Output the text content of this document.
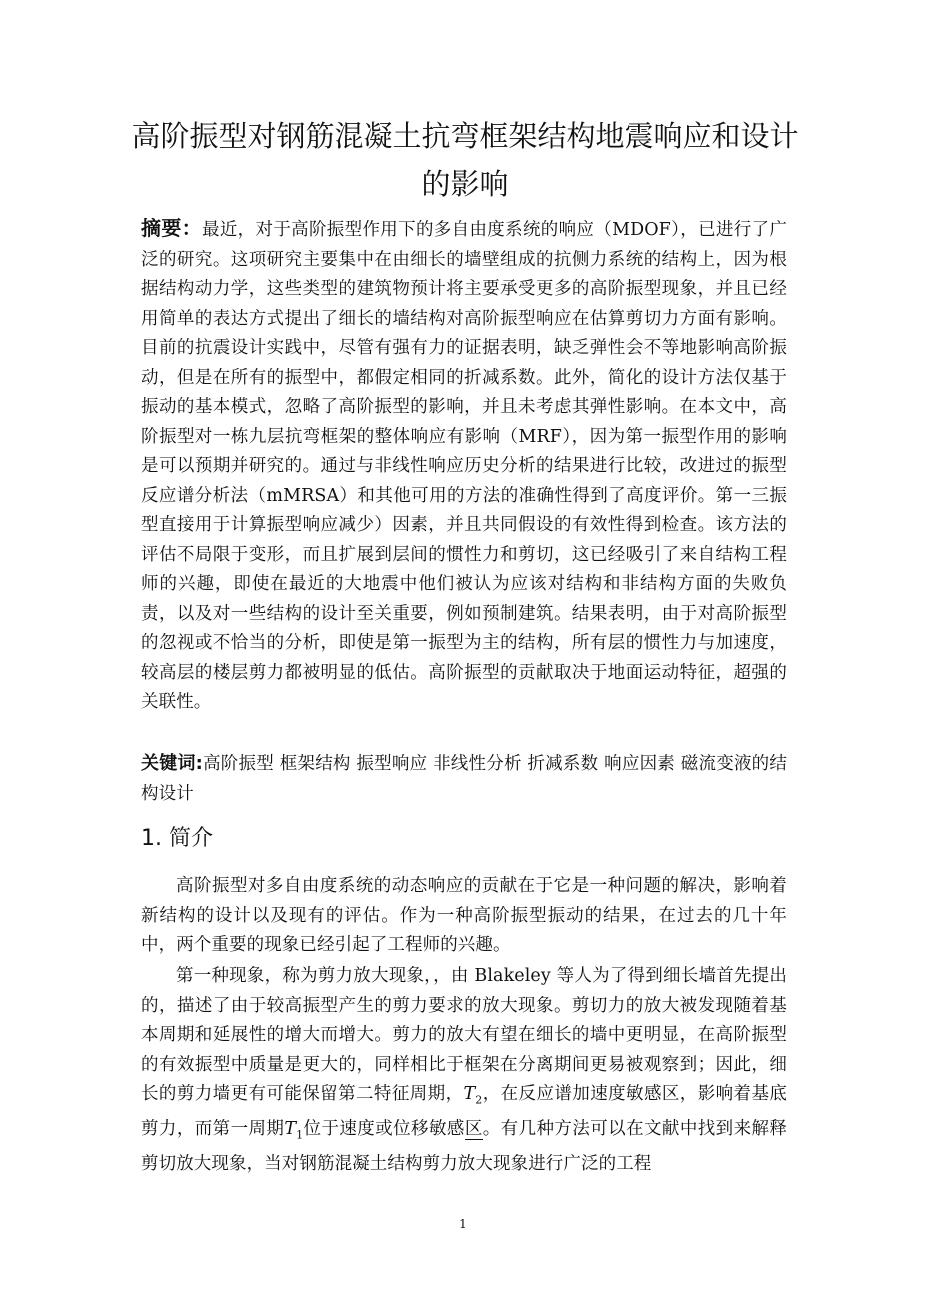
高阶振型对钢筋混凝土抗弯框架结构地震响应和设计的影响
摘要：最近，对于高阶振型作用下的多自由度系统的响应（MDOF），已进行了广泛的研究。这项研究主要集中在由细长的墙壁组成的抗侧力系统的结构上，因为根据结构动力学，这些类型的建筑物预计将主要承受更多的高阶振型现象，并且已经用简单的表达方式提出了细长的墙结构对高阶振型响应在估算剪切力方面有影响。目前的抗震设计实践中，尽管有强有力的证据表明，缺乏弹性会不等地影响高阶振动，但是在所有的振型中，都假定相同的折减系数。此外，简化的设计方法仅基于振动的基本模式，忽略了高阶振型的影响，并且未考虑其弹性影响。在本文中，高阶振型对一栋九层抗弯框架的整体响应有影响（MRF），因为第一振型作用的影响是可以预期并研究的。通过与非线性响应历史分析的结果进行比较，改进过的振型反应谱分析法（mMRSA）和其他可用的方法的准确性得到了高度评价。第一三振型直接用于计算振型响应减少）因素，并且共同假设的有效性得到检查。该方法的评估不局限于变形，而且扩展到层间的惯性力和剪切，这已经吸引了来自结构工程师的兴趣，即使在最近的大地震中他们被认为应该对结构和非结构方面的失败负责，以及对一些结构的设计至关重要，例如预制建筑。结果表明，由于对高阶振型的忽视或不恰当的分析，即使是第一振型为主的结构，所有层的惯性力与加速度，较高层的楼层剪力都被明显的低估。高阶振型的贡献取决于地面运动特征，超强的关联性。
关键词:高阶振型 框架结构 振型响应 非线性分析 折减系数 响应因素 磁流变液的结构设计
1. 简介
高阶振型对多自由度系统的动态响应的贡献在于它是一种问题的解决，影响着新结构的设计以及现有的评估。作为一种高阶振型振动的结果，在过去的几十年中，两个重要的现象已经引起了工程师的兴趣。
第一种现象，称为剪力放大现象，，由 Blakeley 等人为了得到细长墙首先提出的，描述了由于较高振型产生的剪力要求的放大现象。剪切力的放大被发现随着基本周期和延展性的增大而增大。剪力的放大有望在细长的墙中更明显，在高阶振型的有效振型中质量是更大的，同样相比于框架在分离期间更易被观察到；因此，细长的剪力墙更有可能保留第二特征周期，$T_2$，在反应谱加速度敏感区，影响着基底剪力，而第一周期$T_1$位于速度或位移敏感区。有几种方法可以在文献中找到来解释剪切放大现象，当对钢筋混凝土结构剪力放大现象进行广泛的工程
1
